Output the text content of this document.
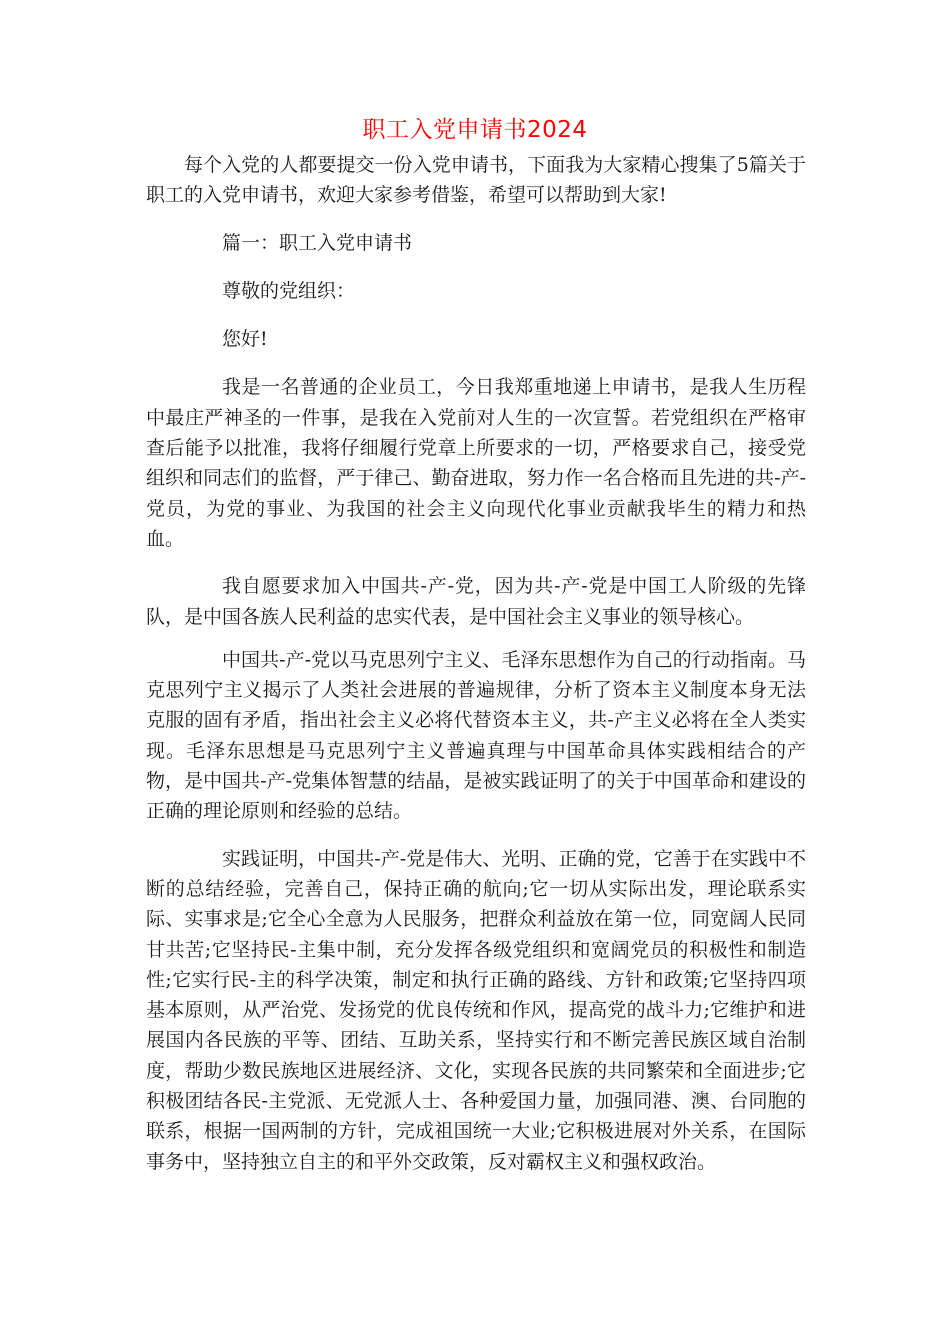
职工入党申请书2024

每个入党的人都要提交一份入党申请书，下面我为大家精心搜集了5篇关于职工的入党申请书，欢迎大家参考借鉴，希望可以帮助到大家!

篇一：职工入党申请书

尊敬的党组织：

您好!

我是一名普通的企业员工，今日我郑重地递上申请书，是我人生历程中最庄严神圣的一件事，是我在入党前对人生的一次宣誓。若党组织在严格审查后能予以批准，我将仔细履行党章上所要求的一切，严格要求自己，接受党组织和同志们的监督，严于律己、勤奋进取，努力作一名合格而且先进的共-产-党员，为党的事业、为我国的社会主义向现代化事业贡献我毕生的精力和热血。

我自愿要求加入中国共-产-党，因为共-产-党是中国工人阶级的先锋队，是中国各族人民利益的忠实代表，是中国社会主义事业的领导核心。

中国共-产-党以马克思列宁主义、毛泽东思想作为自己的行动指南。马克思列宁主义揭示了人类社会进展的普遍规律，分析了资本主义制度本身无法克服的固有矛盾，指出社会主义必将代替资本主义，共-产主义必将在全人类实现。毛泽东思想是马克思列宁主义普遍真理与中国革命具体实践相结合的产物，是中国共-产-党集体智慧的结晶，是被实践证明了的关于中国革命和建设的正确的理论原则和经验的总结。

实践证明，中国共-产-党是伟大、光明、正确的党，它善于在实践中不断的总结经验，完善自己，保持正确的航向;它一切从实际出发，理论联系实际、实事求是;它全心全意为人民服务，把群众利益放在第一位，同宽阔人民同甘共苦;它坚持民-主集中制，充分发挥各级党组织和宽阔党员的积极性和制造性;它实行民-主的科学决策，制定和执行正确的路线、方针和政策;它坚持四项基本原则，从严治党、发扬党的优良传统和作风，提高党的战斗力;它维护和进展国内各民族的平等、团结、互助关系，坚持实行和不断完善民族区域自治制度，帮助少数民族地区进展经济、文化，实现各民族的共同繁荣和全面进步;它积极团结各民-主党派、无党派人士、各种爱国力量，加强同港、澳、台同胞的联系，根据一国两制的方针，完成祖国统一大业;它积极进展对外关系，在国际事务中，坚持独立自主的和平外交政策，反对霸权主义和强权政治。
